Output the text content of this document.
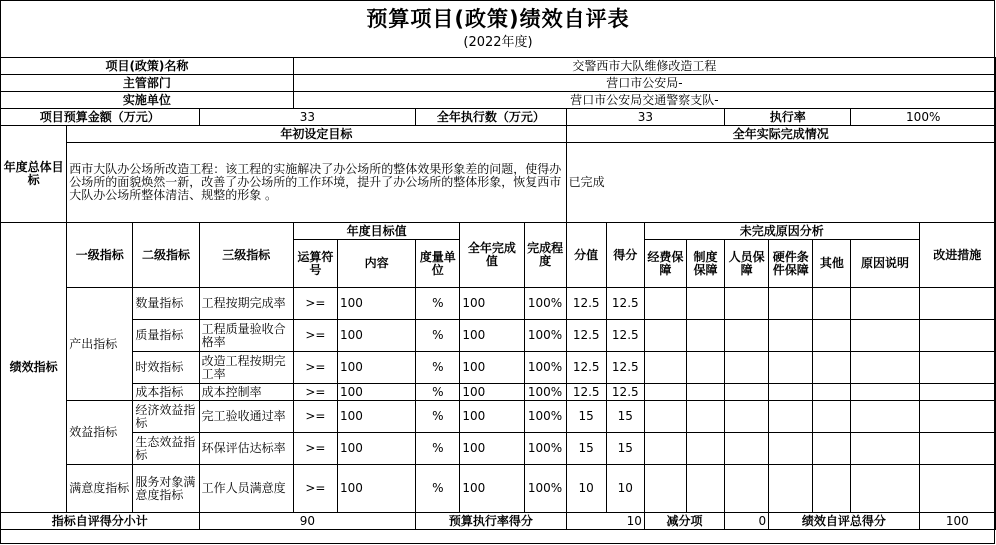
预算项目(政策)绩效自评表
(2022年度)
项目(政策)名称				交警西市大队维修改造工程													
主管部门				营口市公安局-													
实施单位				营口市公安局交通警察支队-													
项目预算金额（万元）			33			全年执行数（万元）			33				执行率			100%	
年度总体目标	年初设定目标								全年实际完成情况								
	西市大队办公场所改造工程：该工程的实施解决了办公场所的整体效果形象差的问题，使得办公场所的面貌焕然一新，改善了办公场所的工作环境，提升了办公场所的整体形象，恢复西市大队办公场所整体清洁、规整的形象 。								已完成								
绩效指标	一级指标	二级指标	三级指标	年度目标值			全年完成值	完成程度	分值	得分	未完成原因分析						改进措施
				运算符号	内容	度量单位					经费保障	制度保障	人员保障	硬件条件保障	其他	原因说明	
	产出指标	数量指标	工程按期完成率	>=	100	%	100	100%	12.5	12.5							
		质量指标	工程质量验收合格率	>=	100	%	100	100%	12.5	12.5							
		时效指标	改造工程按期完工率	>=	100	%	100	100%	12.5	12.5							
		成本指标	成本控制率	>=	100	%	100	100%	12.5	12.5							
	效益指标	经济效益指标	完工验收通过率	>=	100	%	100	100%	15	15							
		生态效益指标	环保评估达标率	>=	100	%	100	100%	15	15							
	满意度指标	服务对象满意度指标	工作人员满意度	>=	100	%	100	100%	10	10							
指标自评得分小计			90			预算执行率得分			10		减分项		0	绩效自评总得分			100
